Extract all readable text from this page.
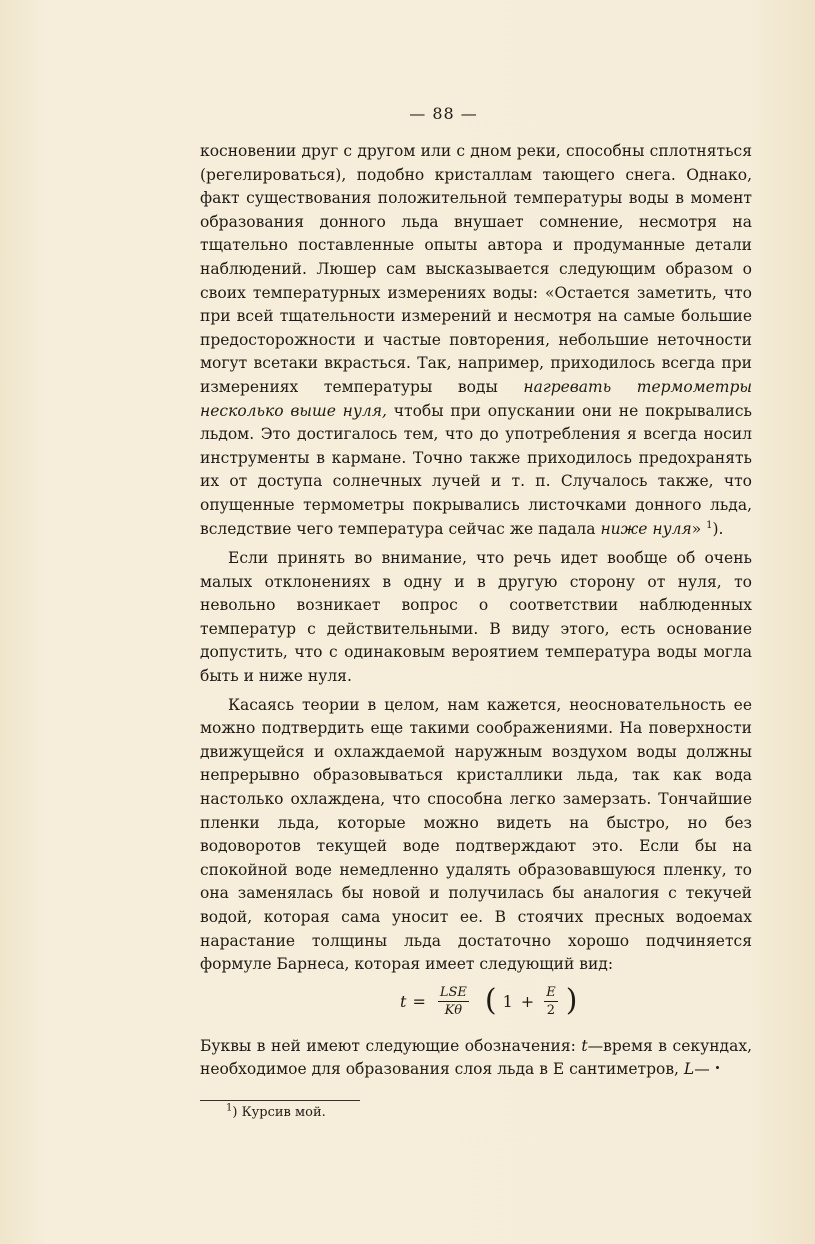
— 88 —

косновении друг с другом или с дном реки, способны сплотняться (регелироваться), подобно кристаллам тающего снега. Однако, факт существования положительной температуры воды в момент образования донного льда внушает сомнение, несмотря на тщательно поставленные опыты автора и продуманные детали наблюдений. Люшер сам высказывается следующим образом о своих температурных измерениях воды: «Остается заметить, что при всей тщательности измерений и несмотря на самые большие предосторожности и частые повторения, небольшие неточности могут всетаки вкрасться. Так, например, приходилось всегда при измерениях температуры воды нагревать термометры несколько выше нуля, чтобы при опускании они не покрывались льдом. Это достигалось тем, что до употребления я всегда носил инструменты в кармане. Точно также приходилось предохранять их от доступа солнечных лучей и т. п. Случалось также, что опущенные термометры покрывались листочками донного льда, вследствие чего температура сейчас же падала ниже нуля» $^1$).

Если принять во внимание, что речь идет вообще об очень малых отклонениях в одну и в другую сторону от нуля, то невольно возникает вопрос о соответствии наблюденных температур с действительными. В виду этого, есть основание допустить, что с одинаковым вероятием температура воды могла быть и ниже нуля.

Касаясь теории в целом, нам кажется, неосновательность ее можно подтвердить еще такими соображениями. На поверхности движущейся и охлаждаемой наружным воздухом воды должны непрерывно образовываться кристаллики льда, так как вода настолько охлаждена, что способна легко замерзать. Тончайшие пленки льда, которые можно видеть на быстро, но без водоворотов текущей воде подтверждают это. Если бы на спокойной воде немедленно удалять образовавшуюся пленку, то она заменялась бы новой и получилась бы аналогия с текучей водой, которая сама уносит ее. В стоячих пресных водоемах нарастание толщины льда достаточно хорошо подчиняется формуле Барнеса, которая имеет следующий вид:

$t = \frac{\text{LSE}}{K\theta}$ ( $1 + \frac{E}{2}$ )

Буквы в ней имеют следующие обозначения: t—время в секундах, необходимое для образования слоя льда в E сантиметров, L—

$^1$) Курсив мой.
